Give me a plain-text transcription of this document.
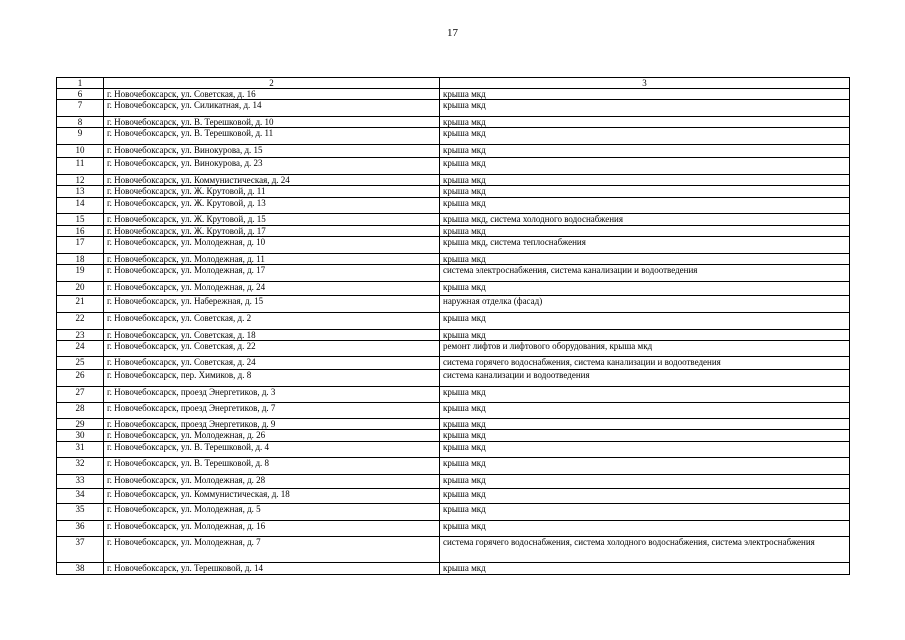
17
1	2	3
6	г. Новочебоксарск, ул. Советская, д. 16	крыша мкд
7	г. Новочебоксарск, ул. Силикатная, д. 14	крыша мкд
8	г. Новочебоксарск, ул. В. Терешковой, д. 10	крыша мкд
9	г. Новочебоксарск, ул. В. Терешковой, д. 11	крыша мкд
10	г. Новочебоксарск, ул. Винокурова, д. 15	крыша мкд
11	г. Новочебоксарск, ул. Винокурова, д. 23	крыша мкд
12	г. Новочебоксарск, ул. Коммунистическая, д. 24	крыша мкд
13	г. Новочебоксарск, ул. Ж. Крутовой, д. 11	крыша мкд
14	г. Новочебоксарск, ул. Ж. Крутовой, д. 13	крыша мкд
15	г. Новочебоксарск, ул. Ж. Крутовой, д. 15	крыша мкд, система холодного водоснабжения
16	г. Новочебоксарск, ул. Ж. Крутовой, д. 17	крыша мкд
17	г. Новочебоксарск, ул. Молодежная, д. 10	крыша мкд, система теплоснабжения
18	г. Новочебоксарск, ул. Молодежная, д. 11	крыша мкд
19	г. Новочебоксарск, ул. Молодежная, д. 17	система электроснабжения, система канализации и водоотведения
20	г. Новочебоксарск, ул. Молодежная, д. 24	крыша мкд
21	г. Новочебоксарск, ул. Набережная, д. 15	наружная отделка (фасад)
22	г. Новочебоксарск, ул. Советская, д. 2	крыша мкд
23	г. Новочебоксарск, ул. Советская, д. 18	крыша мкд
24	г. Новочебоксарск, ул. Советская, д. 22	ремонт лифтов и лифтового оборудования, крыша мкд
25	г. Новочебоксарск, ул. Советская, д. 24	система горячего водоснабжения, система канализации и водоотведения
26	г. Новочебоксарск, пер. Химиков, д. 8	система канализации и водоотведения
27	г. Новочебоксарск, проезд Энергетиков, д. 3	крыша мкд
28	г. Новочебоксарск, проезд Энергетиков, д. 7	крыша мкд
29	г. Новочебоксарск, проезд Энергетиков, д. 9	крыша мкд
30	г. Новочебоксарск, ул. Молодежная, д. 26	крыша мкд
31	г. Новочебоксарск, ул. В. Терешковой, д. 4	крыша мкд
32	г. Новочебоксарск, ул. В. Терешковой, д. 8	крыша мкд
33	г. Новочебоксарск, ул. Молодежная, д. 28	крыша мкд
34	г. Новочебоксарск, ул. Коммунистическая, д. 18	крыша мкд
35	г. Новочебоксарск, ул. Молодежная, д. 5	крыша мкд
36	г. Новочебоксарск, ул. Молодежная, д. 16	крыша мкд
37	г. Новочебоксарск, ул. Молодежная, д. 7	система горячего водоснабжения, система холодного водоснабжения, система электроснабжения
38	г. Новочебоксарск, ул. Терешковой, д. 14	крыша мкд
